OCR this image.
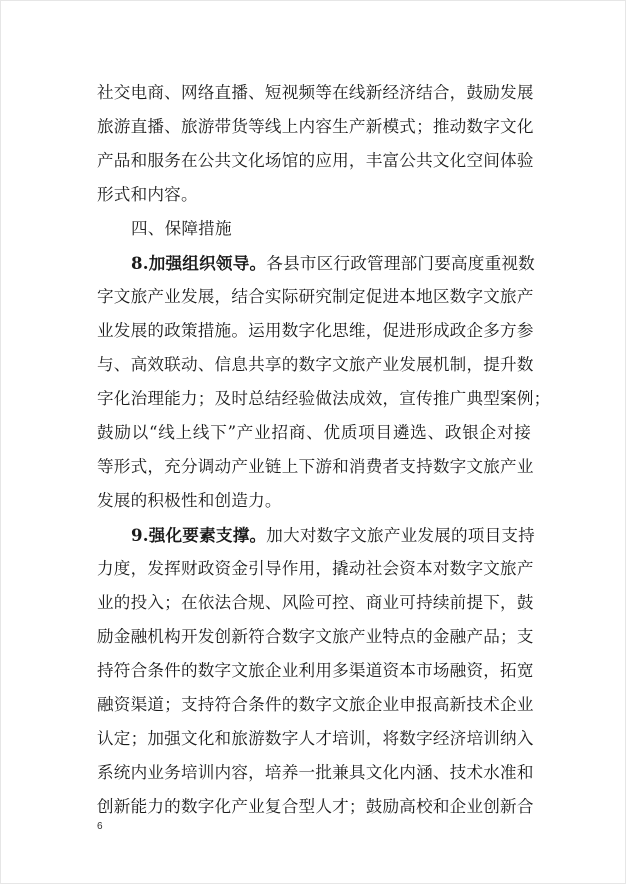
社交电商、网络直播、短视频等在线新经济结合，鼓励发展
旅游直播、旅游带货等线上内容生产新模式；推动数字文化
产品和服务在公共文化场馆的应用，丰富公共文化空间体验
形式和内容。
四、保障措施
8.加强组织领导。各县市区行政管理部门要高度重视数
字文旅产业发展，结合实际研究制定促进本地区数字文旅产
业发展的政策措施。运用数字化思维，促进形成政企多方参
与、高效联动、信息共享的数字文旅产业发展机制，提升数
字化治理能力；及时总结经验做法成效，宣传推广典型案例；
鼓励以“线上线下”产业招商、优质项目遴选、政银企对接
等形式，充分调动产业链上下游和消费者支持数字文旅产业
发展的积极性和创造力。
9.强化要素支撑。加大对数字文旅产业发展的项目支持
力度，发挥财政资金引导作用，撬动社会资本对数字文旅产
业的投入；在依法合规、风险可控、商业可持续前提下，鼓
励金融机构开发创新符合数字文旅产业特点的金融产品；支
持符合条件的数字文旅企业利用多渠道资本市场融资，拓宽
融资渠道；支持符合条件的数字文旅企业申报高新技术企业
认定；加强文化和旅游数字人才培训，将数字经济培训纳入
系统内业务培训内容，培养一批兼具文化内涵、技术水准和
创新能力的数字化产业复合型人才；鼓励高校和企业创新合
6
